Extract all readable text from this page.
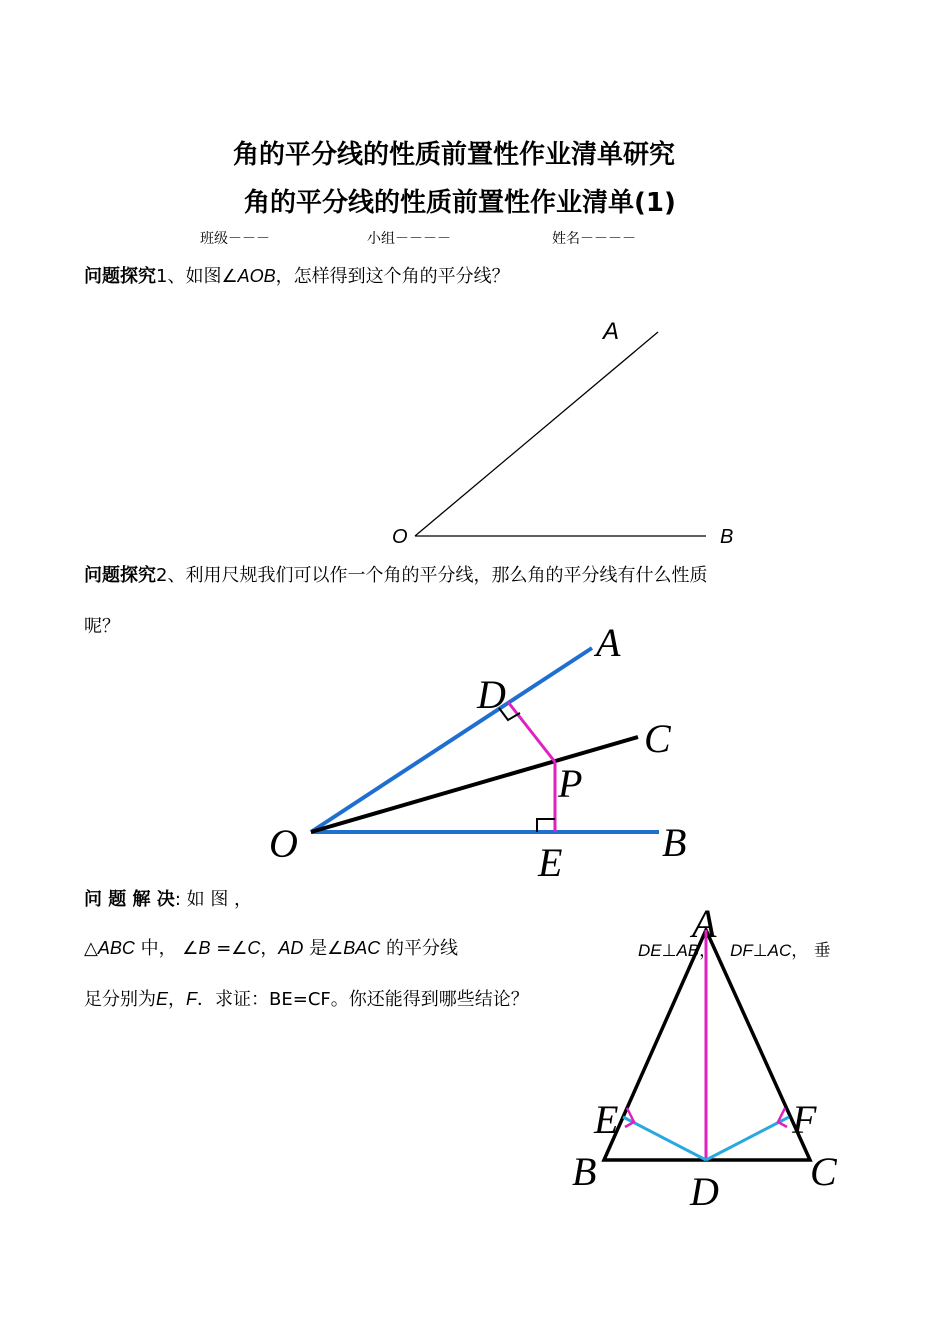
角的平分线的性质前置性作业清单研究
角的平分线的性质前置性作业清单(1)
班级－－－	小组－－－－	姓名－－－－
问题探究1、如图∠AOB，怎样得到这个角的平分线？
A
O	B
问题探究2、利用尺规我们可以作一个角的平分线，那么角的平分线有什么性质
呢？	A
D
C
P
O	E B
问 题 解 决: 如 图 ，
△ABC 中， ∠B =∠C，AD 是∠BAC 的平分线
A
E	F
B D C
DE⊥AB， DF⊥AC， 垂
足分别为E，F．求证：BE=CF。你还能得到哪些结论？
